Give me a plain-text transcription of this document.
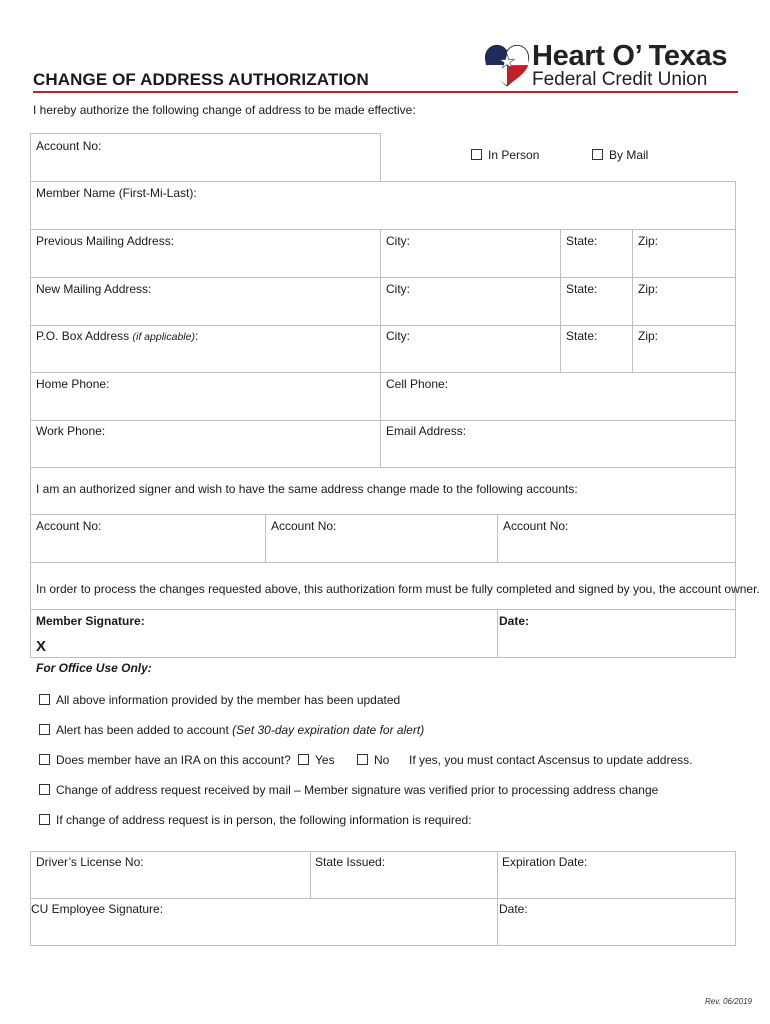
Heart O’ Texas
Federal Credit Union
CHANGE OF ADDRESS AUTHORIZATION
I hereby authorize the following change of address to be made effective:
Account No:
In Person	By Mail
Member Name (First-Mi-Last):
Previous Mailing Address:	City:	State:	Zip:
New Mailing Address:	City:	State:	Zip:
P.O. Box Address (if applicable):	City:	State:	Zip:
Home Phone:	Cell Phone:
Work Phone:	Email Address:
I am an authorized signer and wish to have the same address change made to the following accounts:
Account No:	Account No:	Account No:
In order to process the changes requested above, this authorization form must be fully completed and signed by you, the account owner.
Member Signature:	Date:
X
For Office Use Only:
All above information provided by the member has been updated
Alert has been added to account (Set 30-day expiration date for alert)
Does member have an IRA on this account?	Yes	No If yes, you must contact Ascensus to update address.
Change of address request received by mail – Member signature was verified prior to processing address change
If change of address request is in person, the following information is required:
Driver’s License No:	State Issued:	Expiration Date:
CU Employee Signature:	Date:
Rev. 06/2019
